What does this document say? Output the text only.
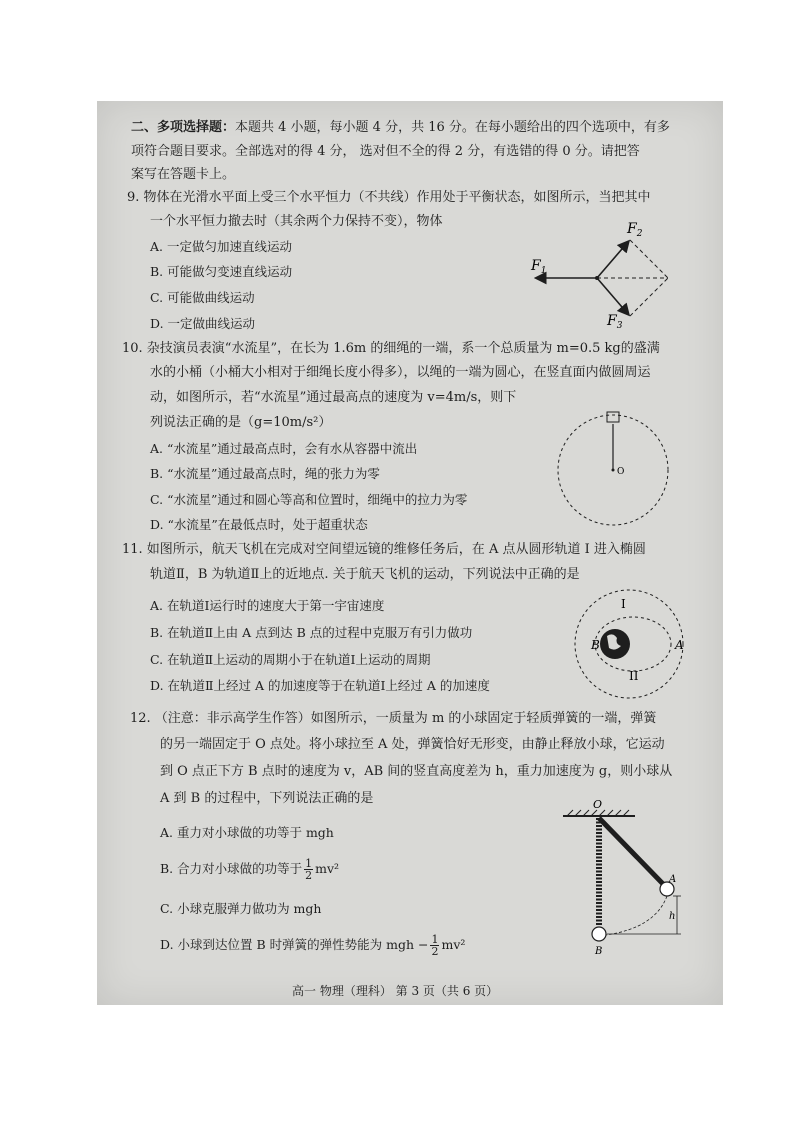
二、多项选择题：本题共 4 小题，每小题 4 分，共 16 分。在每小题给出的四个选项中，有多
项符合题目要求。全部选对的得 4 分， 选对但不全的得 2 分，有选错的得 0 分。请把答
案写在答题卡上。
9. 物体在光滑水平面上受三个水平恒力（不共线）作用处于平衡状态，如图所示，当把其中
一个水平恒力撤去时（其余两个力保持不变），物体
A. 一定做匀加速直线运动
B. 可能做匀变速直线运动
C. 可能做曲线运动
D. 一定做曲线运动
$F_1$
$F_2$
$F_3$
10. 杂技演员表演“水流星”，在长为 1.6m 的细绳的一端，系一个总质量为 m=0.5 kg的盛满
水的小桶（小桶大小相对于细绳长度小得多），以绳的一端为圆心，在竖直面内做圆周运
动，如图所示，若“水流星”通过最高点的速度为 v=4m/s，则下
列说法正确的是（g=10m/s²）
A. “水流星”通过最高点时，会有水从容器中流出
B. “水流星”通过最高点时，绳的张力为零
C. “水流星”通过和圆心等高和位置时，细绳中的拉力为零
D. “水流星”在最低点时，处于超重状态
O
11. 如图所示，航天飞机在完成对空间望远镜的维修任务后，在 A 点从圆形轨道 I 进入椭圆
轨道Ⅱ，B 为轨道Ⅱ上的近地点. 关于航天飞机的运动，下列说法中正确的是
A. 在轨道Ⅰ运行时的速度大于第一宇宙速度
B. 在轨道Ⅱ上由 A 点到达 B 点的过程中克服万有引力做功
C. 在轨道Ⅱ上运动的周期小于在轨道Ⅰ上运动的周期
D. 在轨道Ⅱ上经过 A 的加速度等于在轨道Ⅰ上经过 A 的加速度
I
II
A
B
12. （注意：非示高学生作答）如图所示，一质量为 m 的小球固定于轻质弹簧的一端，弹簧
的另一端固定于 O 点处。将小球拉至 A 处，弹簧恰好无形变，由静止释放小球，它运动
到 O 点正下方 B 点时的速度为 v，AB 间的竖直高度差为 h，重力加速度为 g，则小球从
A 到 B 的过程中，下列说法正确的是
A. 重力对小球做的功等于 mgh
B. 合力对小球做的功等于 $\frac{1}{2} mv^2$
C. 小球克服弹力做功为 mgh
D. 小球到达位置 B 时弹簧的弹性势能为 mgh − $\frac{1}{2} mv^2$
O
h
A
B
高一 物理（理科） 第 3 页（共 6 页）
